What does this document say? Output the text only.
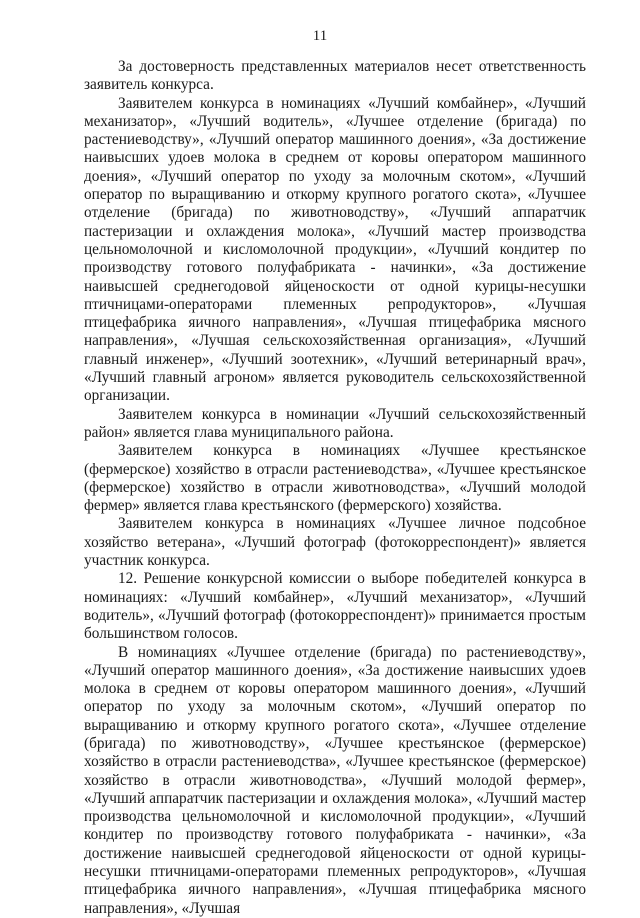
11

За достоверность представленных материалов несет ответственность заявитель конкурса.

Заявителем конкурса в номинациях «Лучший комбайнер», «Лучший механизатор», «Лучший водитель», «Лучшее отделение (бригада) по растениеводству», «Лучший оператор машинного доения», «За достижение наивысших удоев молока в среднем от коровы оператором машинного доения», «Лучший оператор по уходу за молочным скотом», «Лучший оператор по выращиванию и откорму крупного рогатого скота», «Лучшее отделение (бригада) по животноводству», «Лучший аппаратчик пастеризации и охлаждения молока», «Лучший мастер производства цельномолочной и кисломолочной продукции», «Лучший кондитер по производству готового полуфабриката - начинки», «За достижение наивысшей среднегодовой яйценоскости от одной курицы-несушки птичницами-операторами племенных репродукторов», «Лучшая птицефабрика яичного направления», «Лучшая птицефабрика мясного направления», «Лучшая сельскохозяйственная организация», «Лучший главный инженер», «Лучший зоотехник», «Лучший ветеринарный врач», «Лучший главный агроном» является руководитель сельскохозяйственной организации.

Заявителем конкурса в номинации «Лучший сельскохозяйственный район» является глава муниципального района.

Заявителем конкурса в номинациях «Лучшее крестьянское (фермерское) хозяйство в отрасли растениеводства», «Лучшее крестьянское (фермерское) хозяйство в отрасли животноводства», «Лучший молодой фермер» является глава крестьянского (фермерского) хозяйства.

Заявителем конкурса в номинациях «Лучшее личное подсобное хозяйство ветерана», «Лучший фотограф (фотокорреспондент)» является участник конкурса.

12. Решение конкурсной комиссии о выборе победителей конкурса в номинациях: «Лучший комбайнер», «Лучший механизатор», «Лучший водитель», «Лучший фотограф (фотокорреспондент)» принимается простым большинством голосов.

В номинациях «Лучшее отделение (бригада) по растениеводству», «Лучший оператор машинного доения», «За достижение наивысших удоев молока в среднем от коровы оператором машинного доения», «Лучший оператор по уходу за молочным скотом», «Лучший оператор по выращиванию и откорму крупного рогатого скота», «Лучшее отделение (бригада) по животноводству», «Лучшее крестьянское (фермерское) хозяйство в отрасли растениеводства», «Лучшее крестьянское (фермерское) хозяйство в отрасли животноводства», «Лучший молодой фермер», «Лучший аппаратчик пастеризации и охлаждения молока», «Лучший мастер производства цельномолочной и кисломолочной продукции», «Лучший кондитер по производству готового полуфабриката - начинки», «За достижение наивысшей среднегодовой яйценоскости от одной курицы-несушки птичницами-операторами племенных репродукторов», «Лучшая птицефабрика яичного направления», «Лучшая птицефабрика мясного направления», «Лучшая
